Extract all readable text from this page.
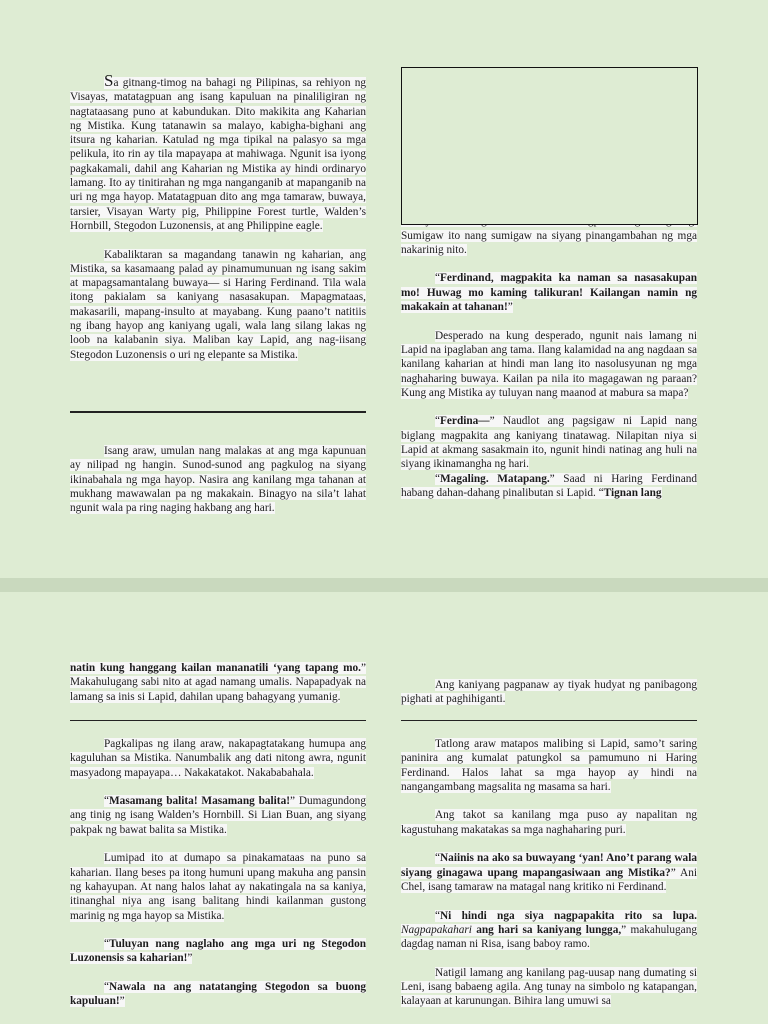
Sa gitnang-timog na bahagi ng Pilipinas, sa rehiyon ng Visayas, matatagpuan ang isang kapuluan na pinaliligiran ng nagtataasang puno at kabundukan. Dito makikita ang Kaharian ng Mistika. Kung tatanawin sa malayo, kabigha-bighani ang itsura ng kaharian. Katulad ng mga tipikal na palasyo sa mga pelikula, ito rin ay tila mapayapa at mahiwaga. Ngunit isa iyong pagkakamali, dahil ang Kaharian ng Mistika ay hindi ordinaryo lamang. Ito ay tinitirahan ng mga nanganganib at mapanganib na uri ng mga hayop. Matatagpuan dito ang mga tamaraw, buwaya, tarsier, Visayan Warty pig, Philippine Forest turtle, Walden’s Hornbill, Stegodon Luzonensis, at ang Philippine eagle.

Kabaliktaran sa magandang tanawin ng kaharian, ang Mistika, sa kasamaang palad ay pinamumunuan ng isang sakim at mapagsamantalang buwaya— si Haring Ferdinand. Tila wala itong pakialam sa kaniyang nasasakupan. Mapagmataas, makasarili, mapang-insulto at mayabang. Kung paano’t natitiis ng ibang hayop ang kaniyang ugali, wala lang silang lakas ng loob na kalabanin siya. Maliban kay Lapid, ang nag-iisang Stegodon Luzonensis o uri ng elepante sa Mistika.

Isang araw, umulan nang malakas at ang mga kapunuan ay nilipad ng hangin. Sunod-sunod ang pagkulog na siyang ikinabahala ng mga hayop. Nasira ang kanilang mga tahanan at mukhang mawawalan pa ng makakain. Binagyo na sila’t lahat ngunit wala pa ring naging hakbang ang hari.

Sumigaw ito nang sumigaw na siyang pinangambahan ng mga nakarinig nito.

“Ferdinand, magpakita ka naman sa nasasakupan mo! Huwag mo kaming talikuran! Kailangan namin ng makakain at tahanan!”

Desperado na kung desperado, ngunit nais lamang ni Lapid na ipaglaban ang tama. Ilang kalamidad na ang nagdaan sa kanilang kaharian at hindi man lang ito nasolusyunan ng mga naghaharing buwaya. Kailan pa nila ito magagawan ng paraan? Kung ang Mistika ay tuluyan nang maanod at mabura sa mapa?

“Ferdina—” Naudlot ang pagsigaw ni Lapid nang biglang magpakita ang kaniyang tinatawag. Nilapitan niya si Lapid at akmang sasakmain ito, ngunit hindi natinag ang huli na siyang ikinamangha ng hari.

“Magaling. Matapang.” Saad ni Haring Ferdinand habang dahan-dahang pinalibutan si Lapid. “Tignan lang

natin kung hanggang kailan mananatili ‘yang tapang mo.” Makahulugang sabi nito at agad namang umalis. Napapadyak na lamang sa inis si Lapid, dahilan upang bahagyang yumanig.

Pagkalipas ng ilang araw, nakapagtatakang humupa ang kaguluhan sa Mistika. Nanumbalik ang dati nitong awra, ngunit masyadong mapayapa… Nakakatakot. Nakababahala.

“Masamang balita! Masamang balita!” Dumagundong ang tinig ng isang Walden’s Hornbill. Si Lian Buan, ang siyang pakpak ng bawat balita sa Mistika.

Lumipad ito at dumapo sa pinakamataas na puno sa kaharian. Ilang beses pa itong humuni upang makuha ang pansin ng kahayupan. At nang halos lahat ay nakatingala na sa kaniya, itinanghal niya ang isang balitang hindi kailanman gustong marinig ng mga hayop sa Mistika.

“Tuluyan nang naglaho ang mga uri ng Stegodon Luzonensis sa kaharian!”

“Nawala na ang natatanging Stegodon sa buong kapuluan!”

Ang kaniyang pagpanaw ay tiyak hudyat ng panibagong pighati at paghihiganti.

Tatlong araw matapos malibing si Lapid, samo’t saring paninira ang kumalat patungkol sa pamumuno ni Haring Ferdinand. Halos lahat sa mga hayop ay hindi na nangangambang magsalita ng masama sa hari.

Ang takot sa kanilang mga puso ay napalitan ng kagustuhang makatakas sa mga naghaharing puri.

“Naiinis na ako sa buwayang ‘yan! Ano’t parang wala siyang ginagawa upang mapangasiwaan ang Mistika?” Ani Chel, isang tamaraw na matagal nang kritiko ni Ferdinand.

“Ni hindi nga siya nagpapakita rito sa lupa. Nagpapakahari ang hari sa kaniyang lungga,” makahulugang dagdag naman ni Risa, isang baboy ramo.

Natigil lamang ang kanilang pag-uusap nang dumating si Leni, isang babaeng agila. Ang tunay na simbolo ng katapangan, kalayaan at karunungan. Bihira lang umuwi sa
